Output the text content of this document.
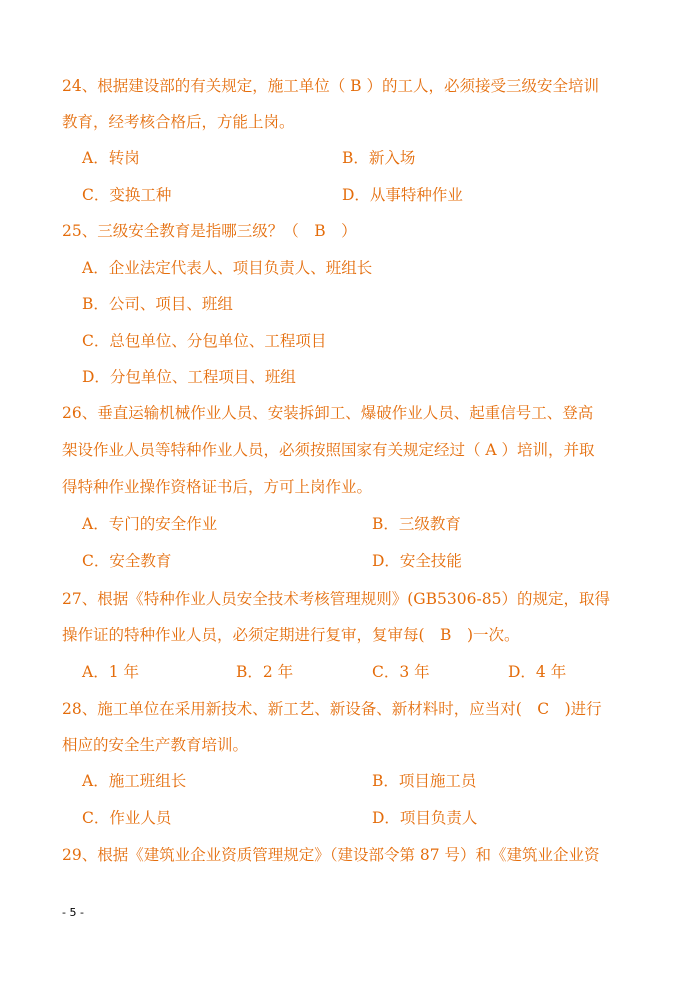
24、根据建设部的有关规定，施工单位（ B ）的工人，必须接受三级安全培训
教育，经考核合格后，方能上岗。
A．转岗	B．新入场
C．变换工种	D．从事特种作业
25、三级安全教育是指哪三级？（　B　）
A．企业法定代表人、项目负责人、班组长
B．公司、项目、班组
C．总包单位、分包单位、工程项目
D．分包单位、工程项目、班组
26、垂直运输机械作业人员、安装拆卸工、爆破作业人员、起重信号工、登高
架设作业人员等特种作业人员，必须按照国家有关规定经过（ A ）培训，并取
得特种作业操作资格证书后，方可上岗作业。
A．专门的安全作业	B．三级教育
C．安全教育	D．安全技能
27、根据《特种作业人员安全技术考核管理规则》(GB5306-85）的规定，取得
操作证的特种作业人员，必须定期进行复审，复审每(　B　)一次。
A．1 年	B．2 年	C．3 年	D．4 年
28、施工单位在采用新技术、新工艺、新设备、新材料时，应当对(　C　)进行
相应的安全生产教育培训。
A．施工班组长	B．项目施工员
C．作业人员	D．项目负责人
29、根据《建筑业企业资质管理规定》（建设部令第 87 号）和《建筑业企业资
- 5 -
